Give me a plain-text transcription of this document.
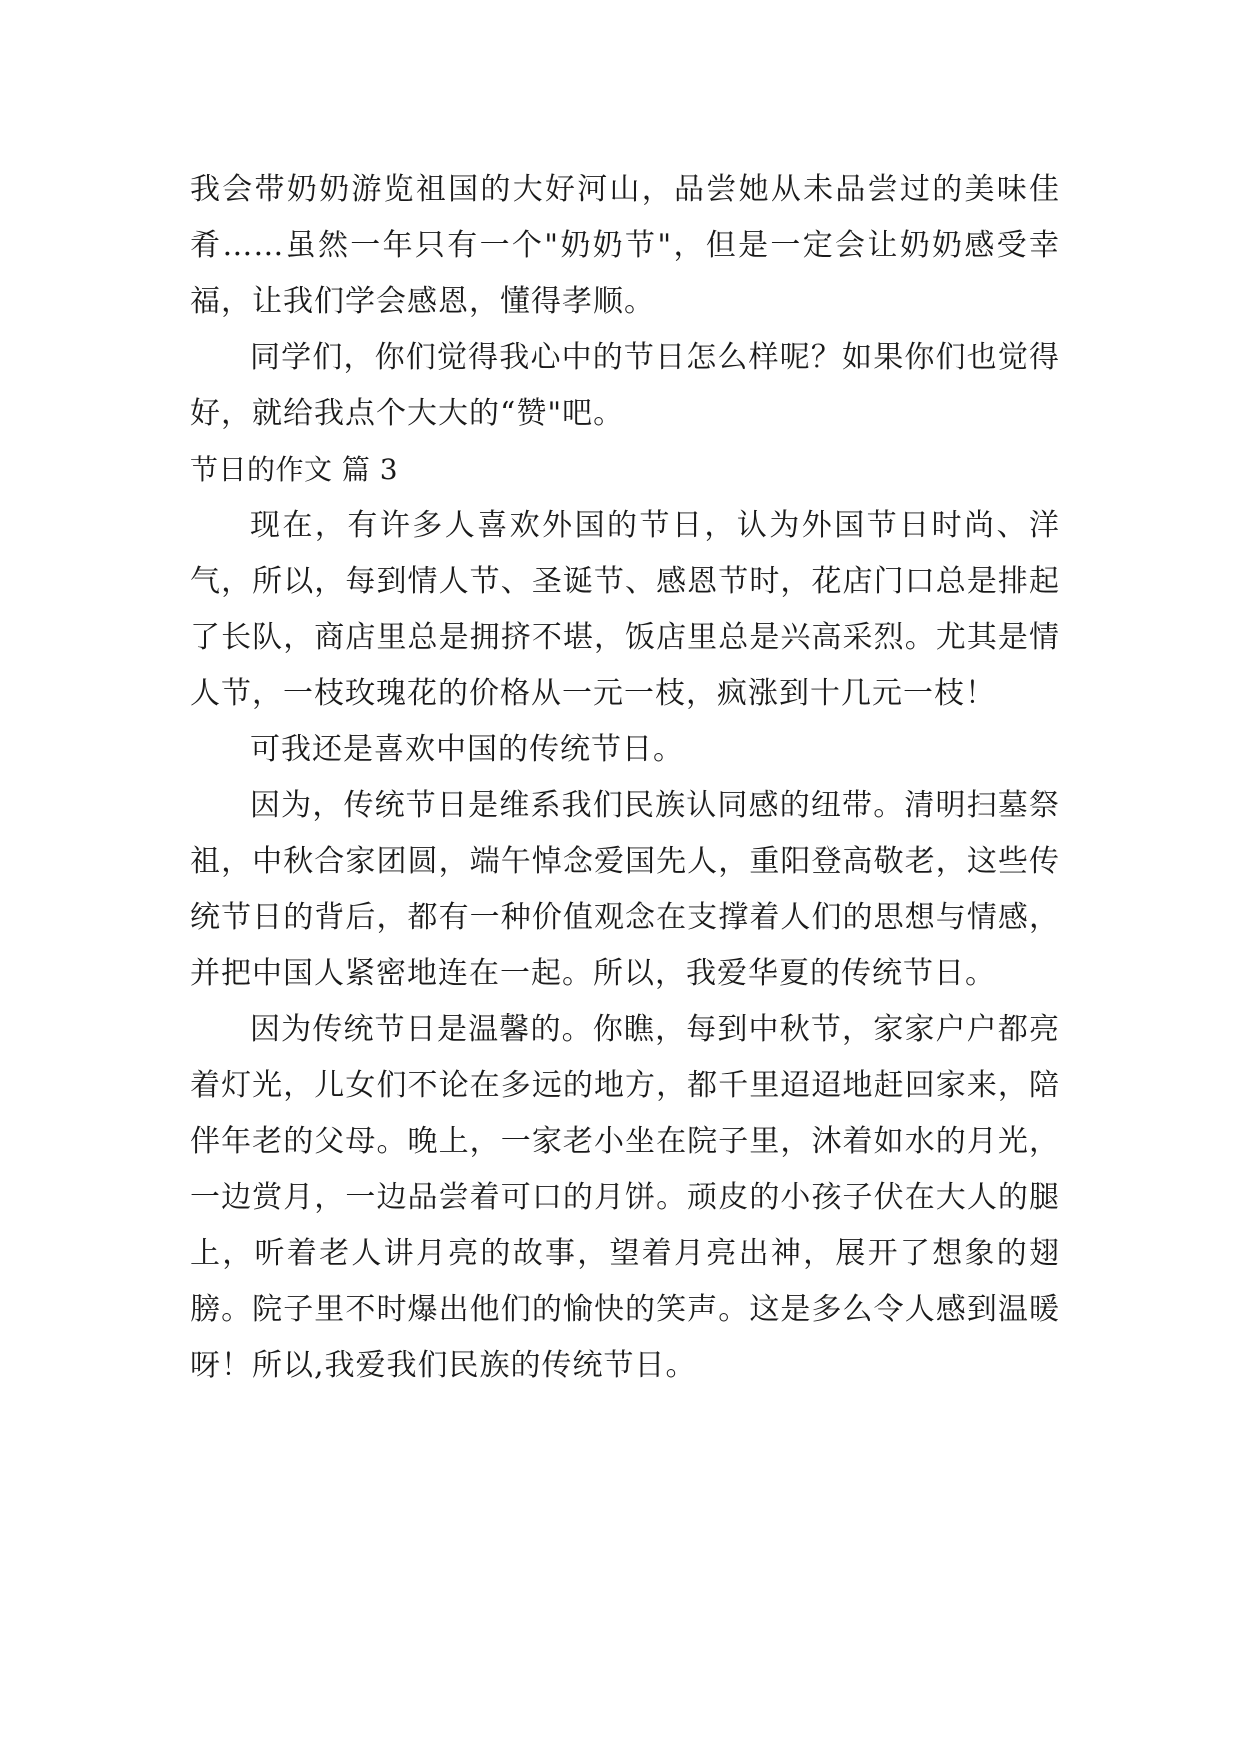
我会带奶奶游览祖国的大好河山，品尝她从未品尝过的美味佳肴……虽然一年只有一个"奶奶节"，但是一定会让奶奶感受幸福，让我们学会感恩，懂得孝顺。

同学们，你们觉得我心中的节日怎么样呢？如果你们也觉得好，就给我点个大大的“赞"吧。

节日的作文 篇 3

现在，有许多人喜欢外国的节日，认为外国节日时尚、洋气，所以，每到情人节、圣诞节、感恩节时，花店门口总是排起了长队，商店里总是拥挤不堪，饭店里总是兴高采烈。尤其是情人节，一枝玫瑰花的价格从一元一枝，疯涨到十几元一枝！

可我还是喜欢中国的传统节日。

因为，传统节日是维系我们民族认同感的纽带。清明扫墓祭祖，中秋合家团圆，端午悼念爱国先人，重阳登高敬老，这些传统节日的背后，都有一种价值观念在支撑着人们的思想与情感，并把中国人紧密地连在一起。所以，我爱华夏的传统节日。

因为传统节日是温馨的。你瞧，每到中秋节，家家户户都亮着灯光，儿女们不论在多远的地方，都千里迢迢地赶回家来，陪伴年老的父母。晚上，一家老小坐在院子里，沐着如水的月光，一边赏月，一边品尝着可口的月饼。顽皮的小孩子伏在大人的腿上，听着老人讲月亮的故事，望着月亮出神，展开了想象的翅膀。院子里不时爆出他们的愉快的笑声。这是多么令人感到温暖呀！所以,我爱我们民族的传统节日。
